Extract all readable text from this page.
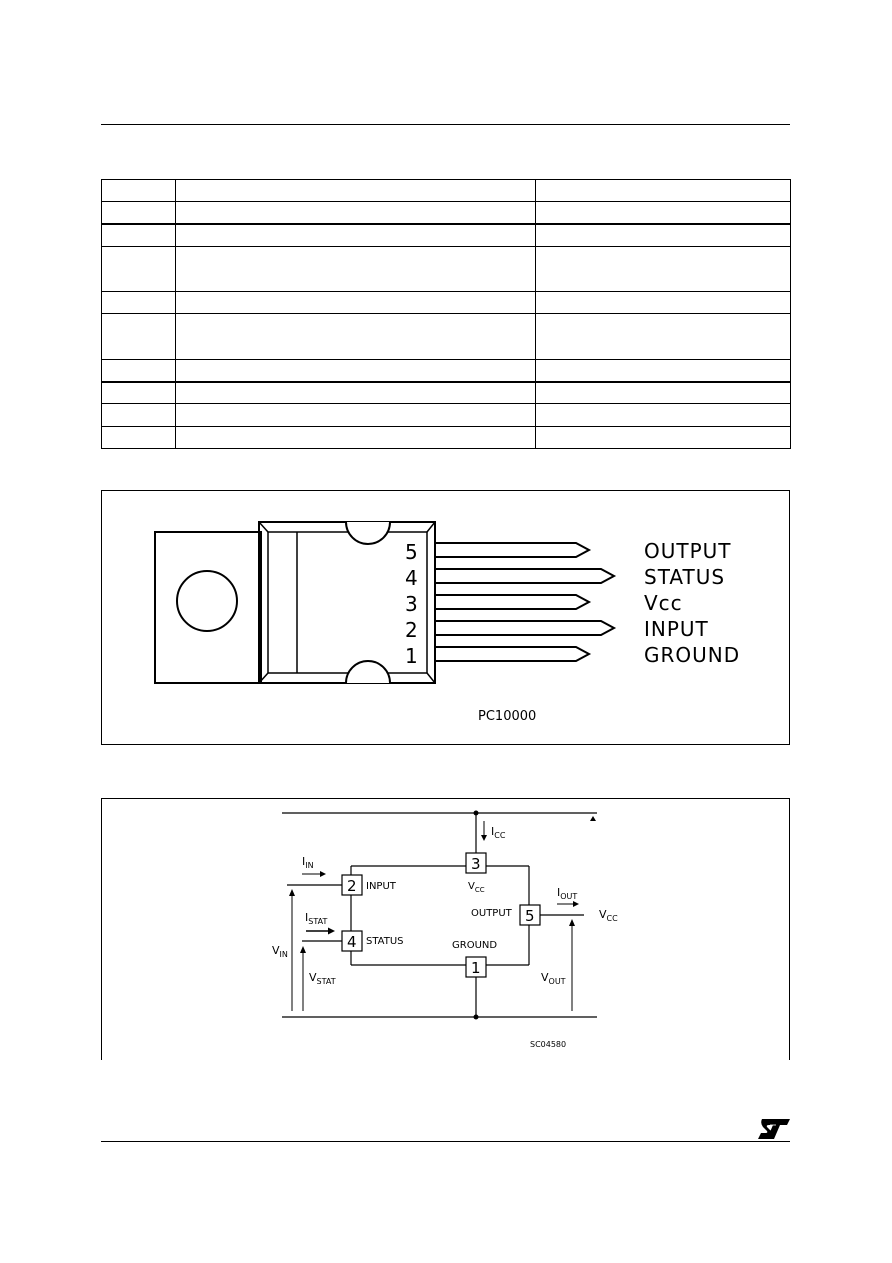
5
4
3
2
1
OUTPUT
STATUS
Vcc
INPUT
GROUND
PC10000
$I_{CC}$
3
2
4
5
1
$V_{CC}$
INPUT
STATUS
OUTPUT
GROUND
$I_{IN}$
$I_{STAT}$
$I_{OUT}$
$V_{CC}$
$V_{IN}$
$V_{STAT}$	$V_{OUT}$
SC04580
